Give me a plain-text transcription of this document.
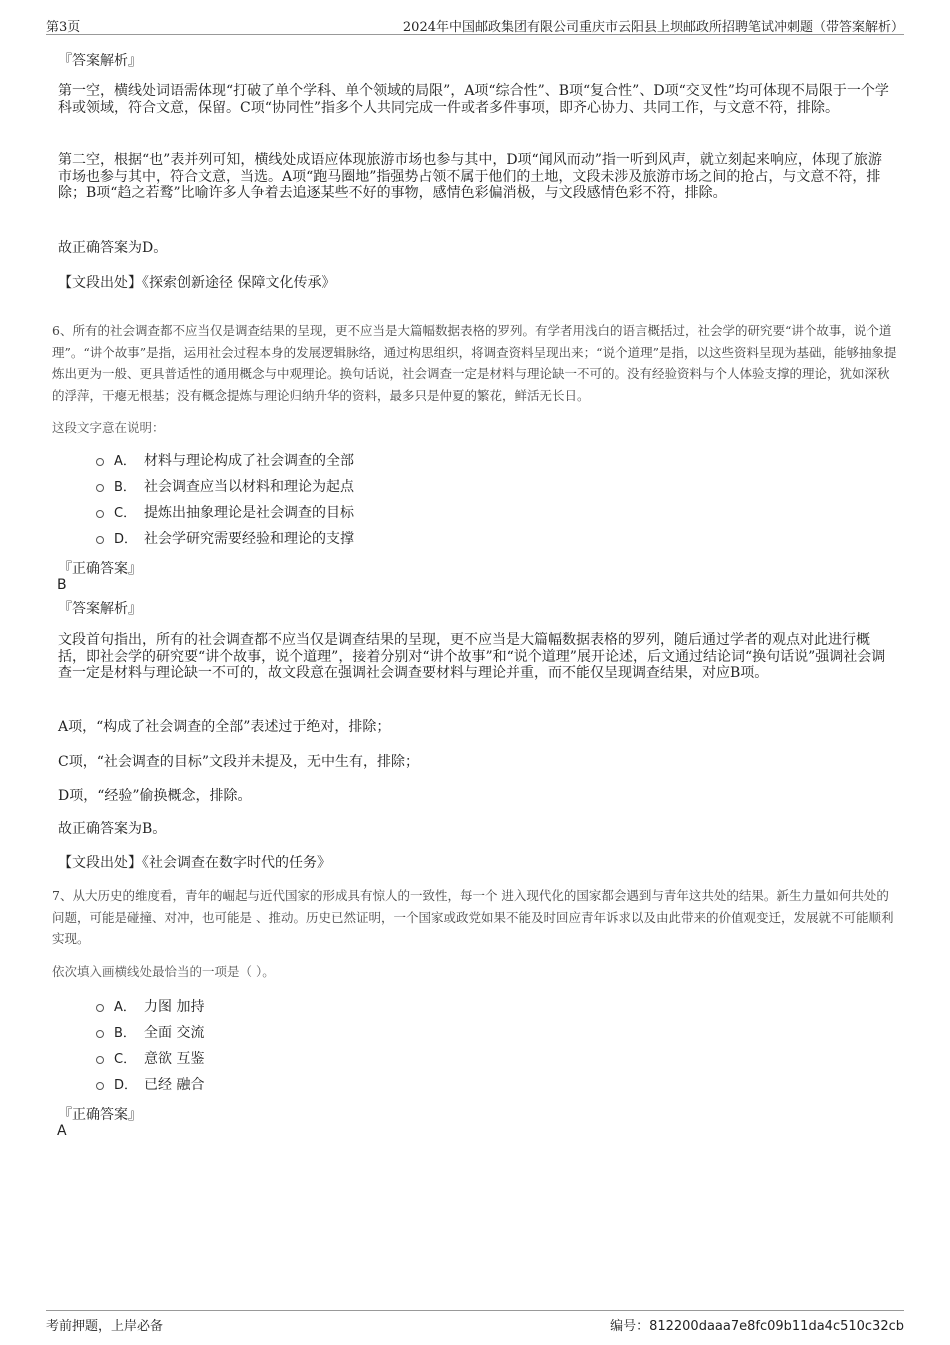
第3页	2024年中国邮政集团有限公司重庆市云阳县上坝邮政所招聘笔试冲刺题（带答案解析）
『答案解析』
第一空，横线处词语需体现“打破了单个学科、单个领域的局限”，A项“综合性”、B项“复合性”、D项“交叉性”均可体现不局限于一个学科或领域，符合文意，保留。C项“协同性”指多个人共同完成一件或者多件事项，即齐心协力、共同工作，与文意不符，排除。
第二空，根据“也”表并列可知，横线处成语应体现旅游市场也参与其中，D项“闻风而动”指一听到风声，就立刻起来响应，体现了旅游市场也参与其中，符合文意，当选。A项“跑马圈地”指强势占领不属于他们的土地，文段未涉及旅游市场之间的抢占，与文意不符，排除；B项“趋之若鹜”比喻许多人争着去追逐某些不好的事物，感情色彩偏消极，与文段感情色彩不符，排除。
故正确答案为D。
【文段出处】《探索创新途径 保障文化传承》
6、所有的社会调查都不应当仅是调查结果的呈现，更不应当是大篇幅数据表格的罗列。有学者用浅白的语言概括过，社会学的研究要“讲个故事，说个道理”。“讲个故事”是指，运用社会过程本身的发展逻辑脉络，通过构思组织，将调查资料呈现出来；“说个道理”是指，以这些资料呈现为基础，能够抽象提炼出更为一般、更具普适性的通用概念与中观理论。换句话说，社会调查一定是材料与理论缺一不可的。没有经验资料与个人体验支撑的理论，犹如深秋的浮萍，干瘪无根基；没有概念提炼与理论归纳升华的资料，最多只是仲夏的繁花，鲜活无长日。
这段文字意在说明：
A． 材料与理论构成了社会调查的全部
B． 社会调查应当以材料和理论为起点
C． 提炼出抽象理论是社会调查的目标
D． 社会学研究需要经验和理论的支撑
『正确答案』
B
『答案解析』
文段首句指出，所有的社会调查都不应当仅是调查结果的呈现，更不应当是大篇幅数据表格的罗列，随后通过学者的观点对此进行概括，即社会学的研究要“讲个故事，说个道理”，接着分别对“讲个故事”和“说个道理”展开论述，后文通过结论词“换句话说”强调社会调查一定是材料与理论缺一不可的，故文段意在强调社会调查要材料与理论并重，而不能仅呈现调查结果，对应B项。
A项，“构成了社会调查的全部”表述过于绝对，排除；
C项，“社会调查的目标”文段并未提及，无中生有，排除；
D项，“经验”偷换概念，排除。
故正确答案为B。
【文段出处】《社会调查在数字时代的任务》
7、从大历史的维度看，青年的崛起与近代国家的形成具有惊人的一致性，每一个 进入现代化的国家都会遇到与青年这共处的结果。新生力量如何共处的问题，可能是碰撞、对冲，也可能是 、推动。历史已然证明，一个国家或政党如果不能及时回应青年诉求以及由此带来的价值观变迁，发展就不可能顺利实现。
依次填入画横线处最恰当的一项是（ ）。
A． 力图 加持
B． 全面 交流
C． 意欲 互鉴
D． 已经 融合
『正确答案』
A
考前押题，上岸必备	编号：812200daaa7e8fc09b11da4c510c32cb
